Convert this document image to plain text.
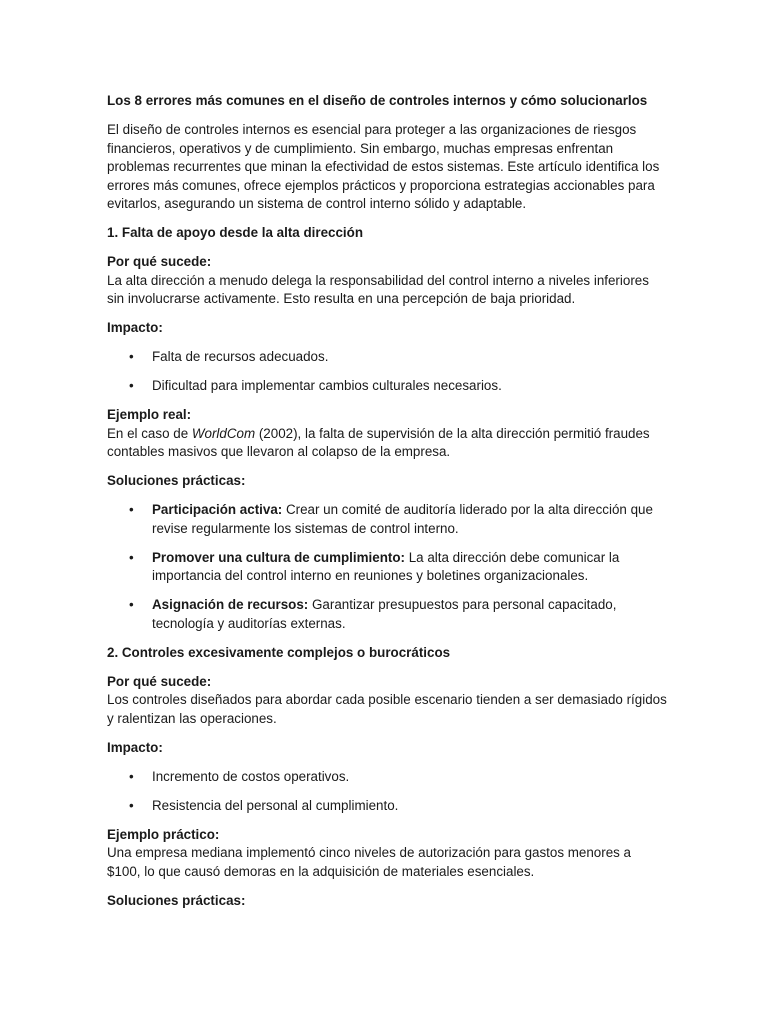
Los 8 errores más comunes en el diseño de controles internos y cómo solucionarlos

El diseño de controles internos es esencial para proteger a las organizaciones de riesgos financieros, operativos y de cumplimiento. Sin embargo, muchas empresas enfrentan problemas recurrentes que minan la efectividad de estos sistemas. Este artículo identifica los errores más comunes, ofrece ejemplos prácticos y proporciona estrategias accionables para evitarlos, asegurando un sistema de control interno sólido y adaptable.

1. Falta de apoyo desde la alta dirección

Por qué sucede:
La alta dirección a menudo delega la responsabilidad del control interno a niveles inferiores sin involucrarse activamente. Esto resulta en una percepción de baja prioridad.

Impacto:

• Falta de recursos adecuados.
• Dificultad para implementar cambios culturales necesarios.

Ejemplo real:
En el caso de WorldCom (2002), la falta de supervisión de la alta dirección permitió fraudes contables masivos que llevaron al colapso de la empresa.

Soluciones prácticas:

• Participación activa: Crear un comité de auditoría liderado por la alta dirección que revise regularmente los sistemas de control interno.
• Promover una cultura de cumplimiento: La alta dirección debe comunicar la importancia del control interno en reuniones y boletines organizacionales.
• Asignación de recursos: Garantizar presupuestos para personal capacitado, tecnología y auditorías externas.

2. Controles excesivamente complejos o burocráticos

Por qué sucede:
Los controles diseñados para abordar cada posible escenario tienden a ser demasiado rígidos y ralentizan las operaciones.

Impacto:

• Incremento de costos operativos.
• Resistencia del personal al cumplimiento.

Ejemplo práctico:
Una empresa mediana implementó cinco niveles de autorización para gastos menores a $100, lo que causó demoras en la adquisición de materiales esenciales.

Soluciones prácticas:
